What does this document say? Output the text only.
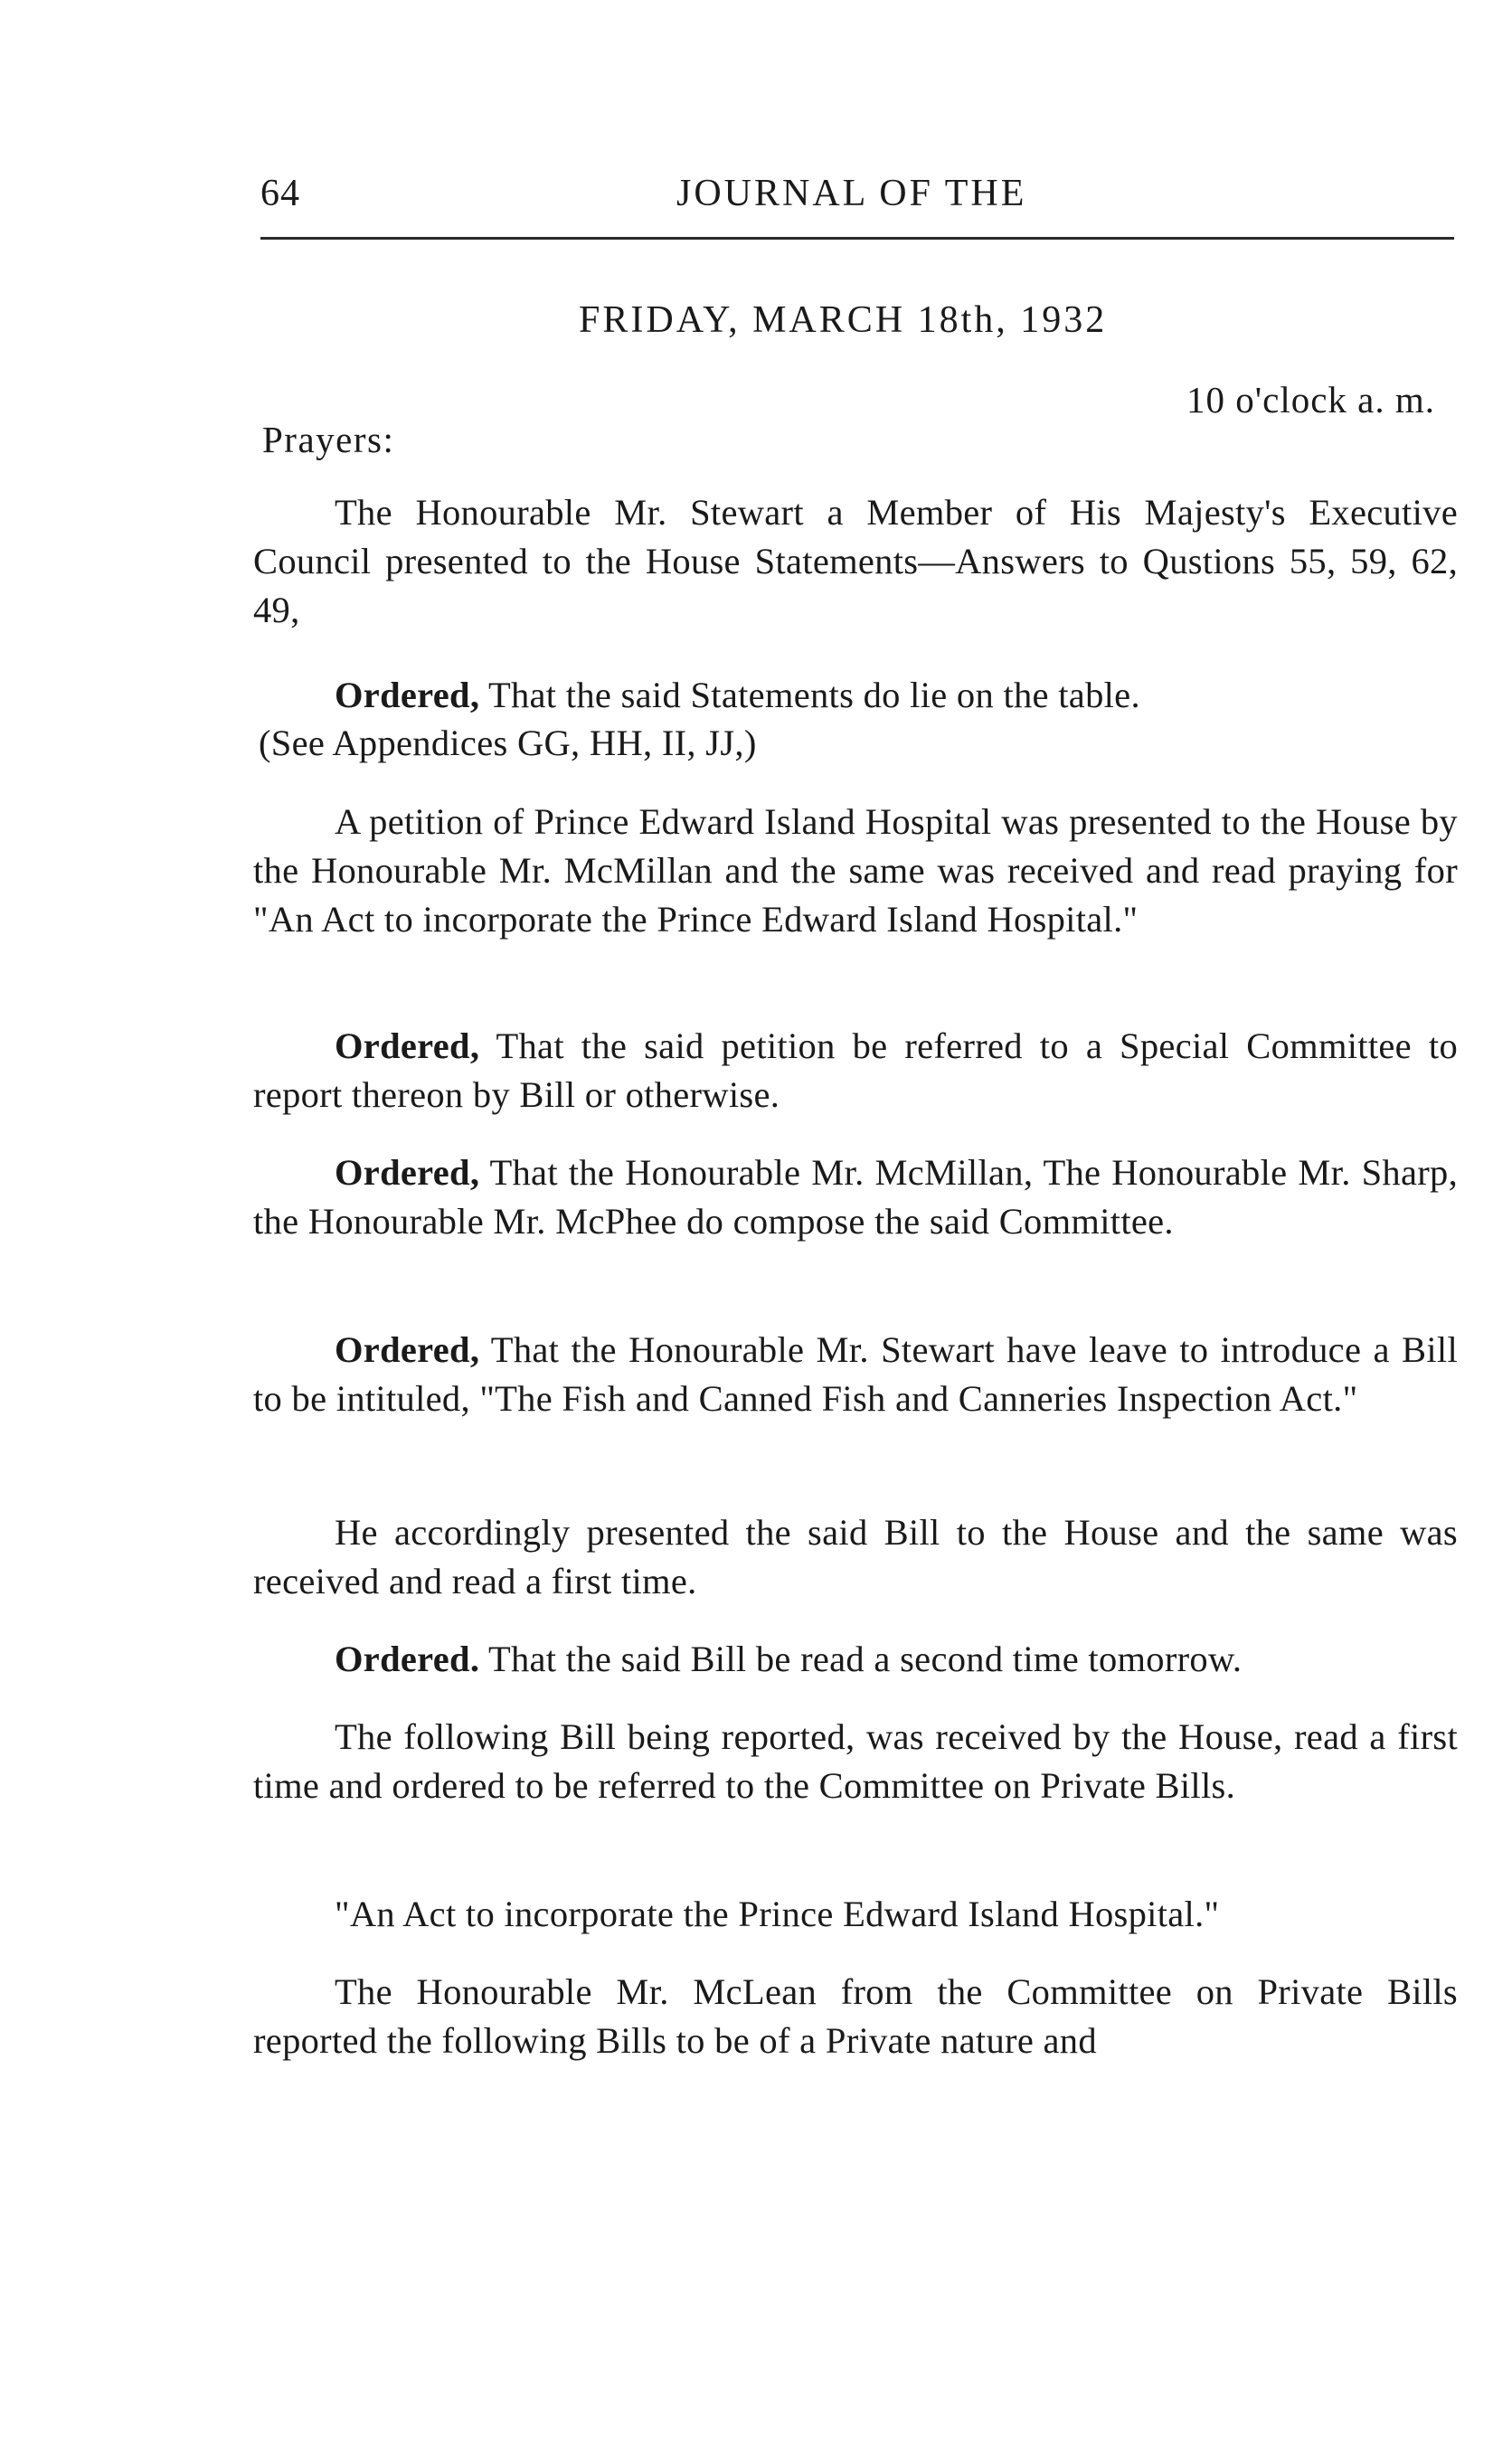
64	JOURNAL OF THE
FRIDAY, MARCH 18th, 1932
10 o'clock a. m.
Prayers:

The Honourable Mr. Stewart a Member of His Majesty's Executive Council presented to the House Statements—Answers to Qustions 55, 59, 62, 49,

Ordered, That the said Statements do lie on the table.

(See Appendices GG, HH, II, JJ,)

A petition of Prince Edward Island Hospital was presented to the House by the Honourable Mr. McMillan and the same was received and read praying for "An Act to incorporate the Prince Edward Island Hospital."

Ordered, That the said petition be referred to a Special Committee to report thereon by Bill or otherwise.

Ordered, That the Honourable Mr. McMillan, The Honourable Mr. Sharp, the Honourable Mr. McPhee do compose the said Committee.

Ordered, That the Honourable Mr. Stewart have leave to introduce a Bill to be intituled, "The Fish and Canned Fish and Canneries Inspection Act."

He accordingly presented the said Bill to the House and the same was received and read a first time.

Ordered. That the said Bill be read a second time tomorrow.

The following Bill being reported, was received by the House, read a first time and ordered to be referred to the Committee on Private Bills.

"An Act to incorporate the Prince Edward Island Hospital."

The Honourable Mr. McLean from the Committee on Private Bills reported the following Bills to be of a Private nature and
